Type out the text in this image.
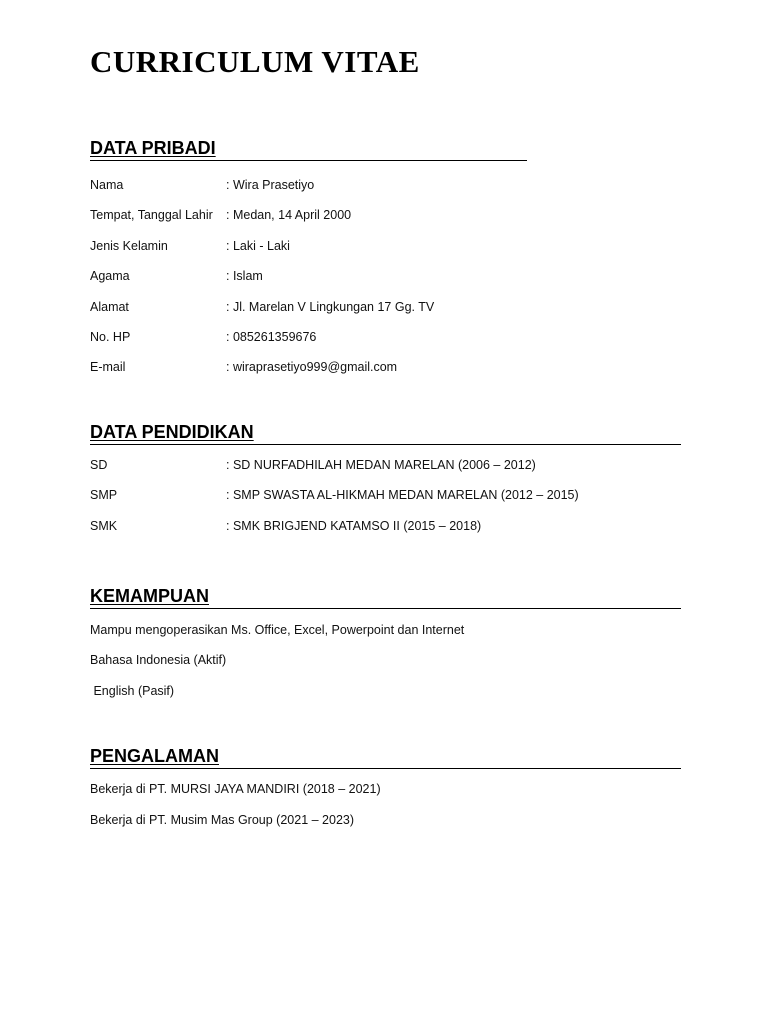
CURRICULUM VITAE
DATA PRIBADI
Nama	: Wira Prasetiyo
Tempat, Tanggal Lahir	: Medan, 14 April 2000
Jenis Kelamin	: Laki - Laki
Agama	: Islam
Alamat	: Jl. Marelan V Lingkungan 17 Gg. TV
No. HP	: 085261359676
E-mail	: wiraprasetiyo999@gmail.com
DATA PENDIDIKAN
SD	: SD NURFADHILAH MEDAN MARELAN (2006 – 2012)
SMP	: SMP SWASTA AL-HIKMAH MEDAN MARELAN (2012 – 2015)
SMK	: SMK BRIGJEND KATAMSO II (2015 – 2018)
KEMAMPUAN
Mampu mengoperasikan Ms. Office, Excel, Powerpoint dan Internet
Bahasa Indonesia (Aktif)
English (Pasif)
PENGALAMAN
Bekerja di PT. MURSI JAYA MANDIRI (2018 – 2021)
Bekerja di PT. Musim Mas Group (2021 – 2023)
